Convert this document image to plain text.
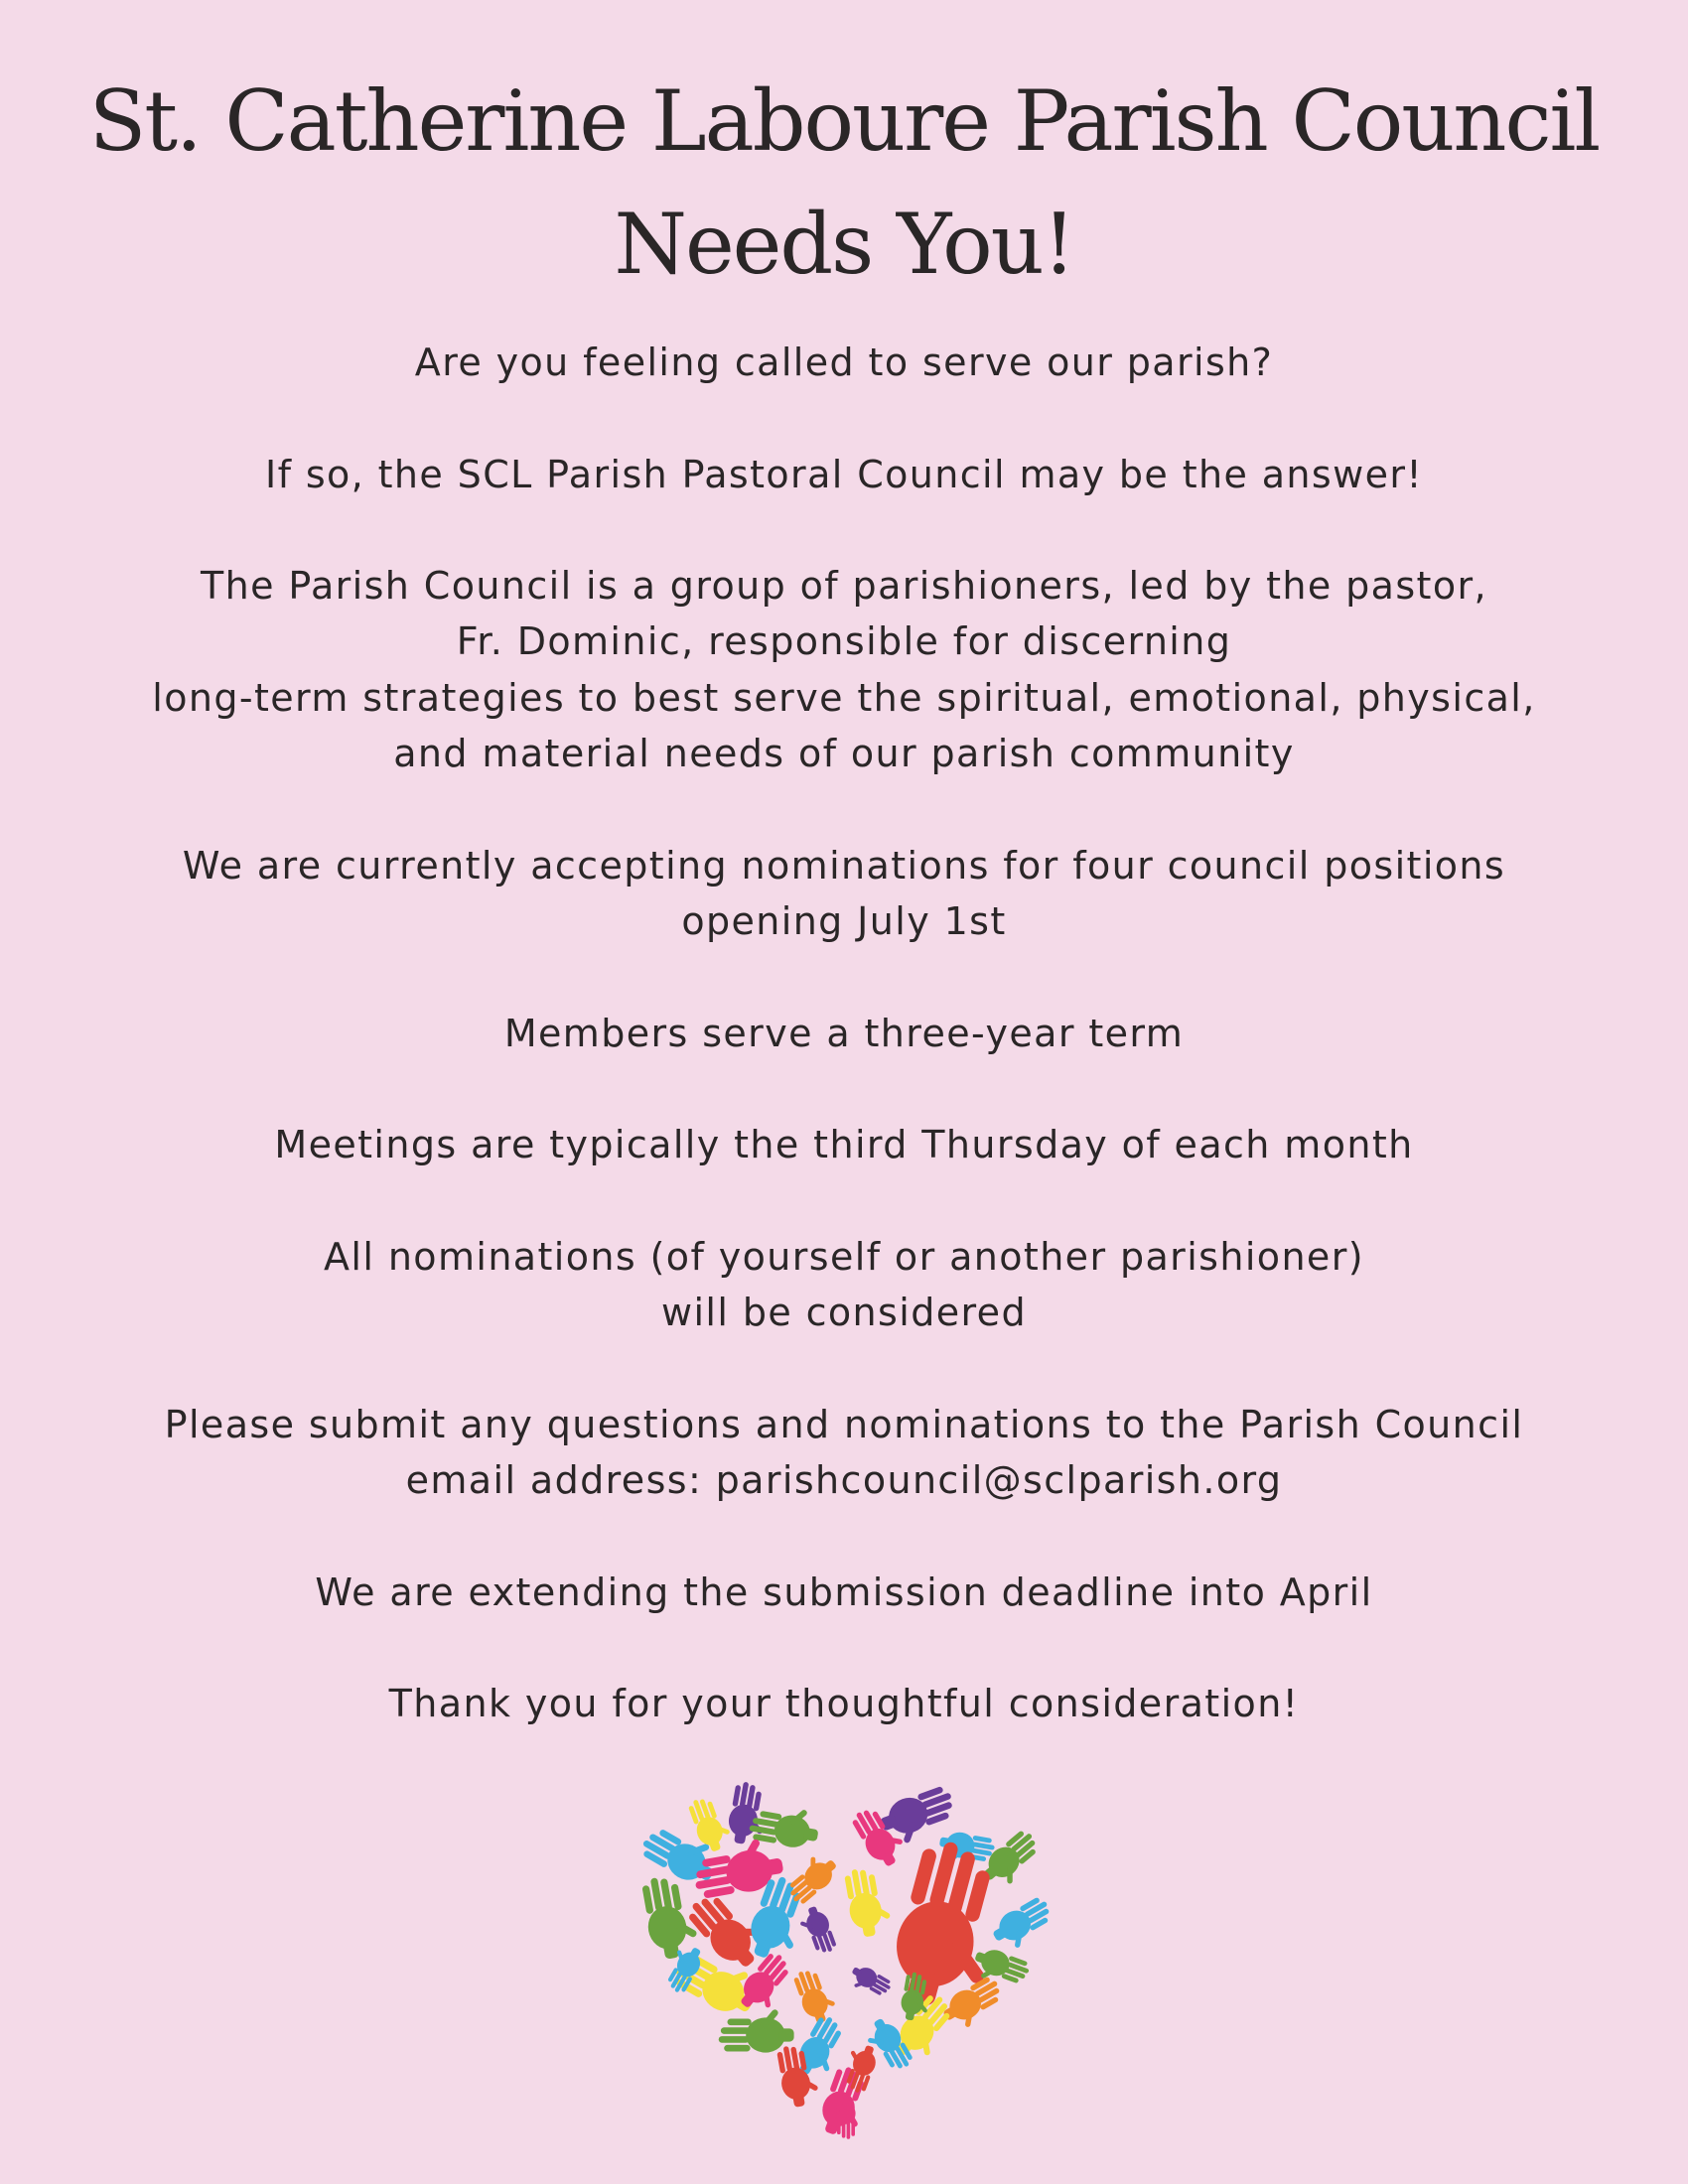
St. Catherine Laboure Parish Council
Needs You!
Are you feeling called to serve our parish?
If so, the SCL Parish Pastoral Council may be the answer!
The Parish Council is a group of parishioners, led by the pastor,
Fr. Dominic, responsible for discerning
long-term strategies to best serve the spiritual, emotional, physical,
and material needs of our parish community
We are currently accepting nominations for four council positions
opening July 1st
Members serve a three-year term
Meetings are typically the third Thursday of each month
All nominations (of yourself or another parishioner)
will be considered
Please submit any questions and nominations to the Parish Council
email address: parishcouncil@sclparish.org
We are extending the submission deadline into April
Thank you for your thoughtful consideration!
